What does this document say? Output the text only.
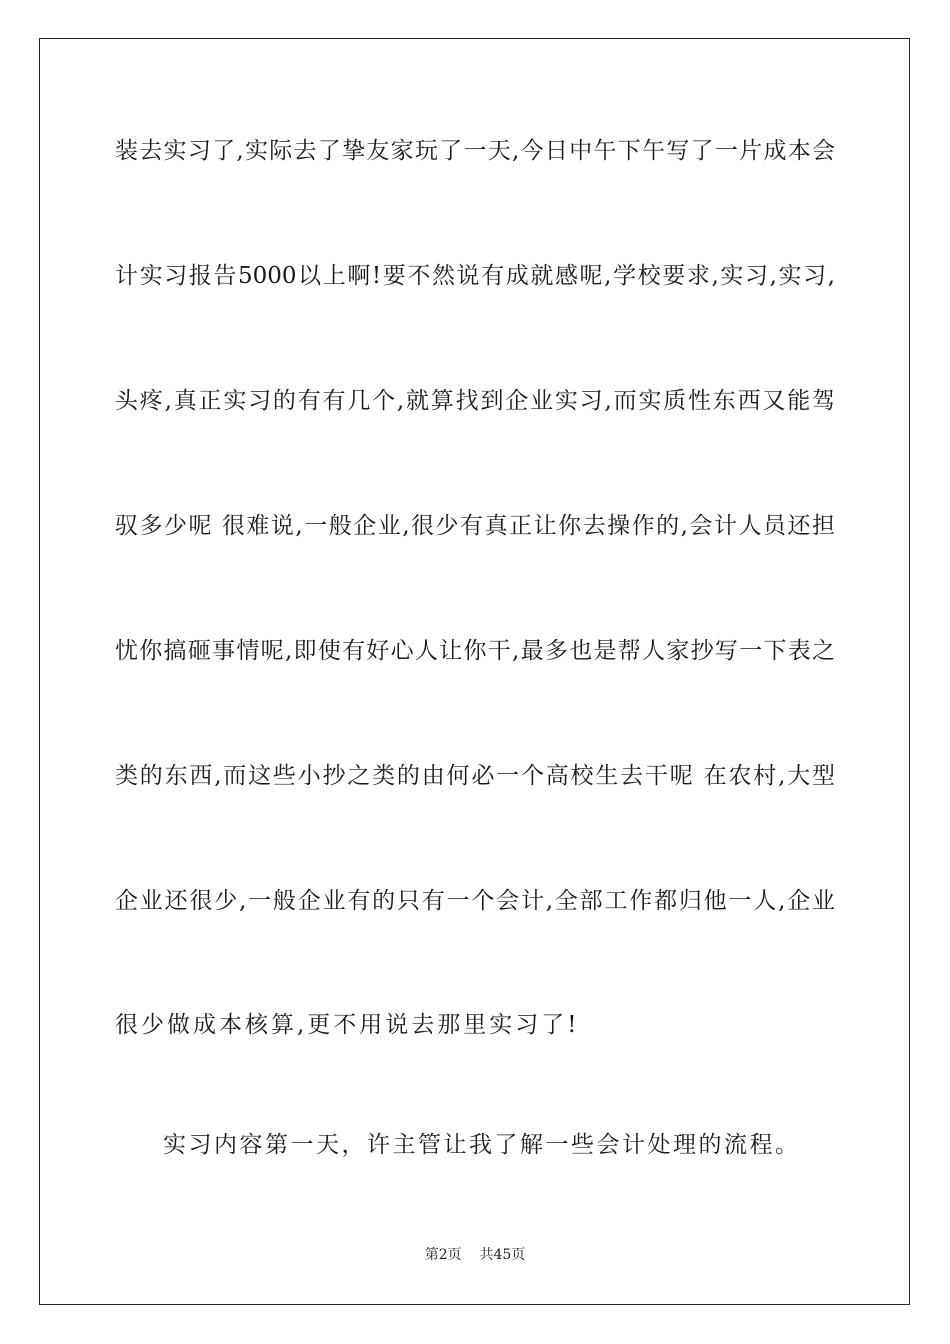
装去实习了,实际去了挚友家玩了一天,今日中午下午写了一片成本会
计实习报告5000以上啊!要不然说有成就感呢,学校要求,实习,实习,
头疼,真正实习的有有几个,就算找到企业实习,而实质性东西又能驾
驭多少呢 很难说,一般企业,很少有真正让你去操作的,会计人员还担
忧你搞砸事情呢,即使有好心人让你干,最多也是帮人家抄写一下表之
类的东西,而这些小抄之类的由何必一个高校生去干呢 在农村,大型
企业还很少,一般企业有的只有一个会计,全部工作都归他一人,企业
很少做成本核算,更不用说去那里实习了!
实习内容第一天，许主管让我了解一些会计处理的流程。
第2页 共45页
